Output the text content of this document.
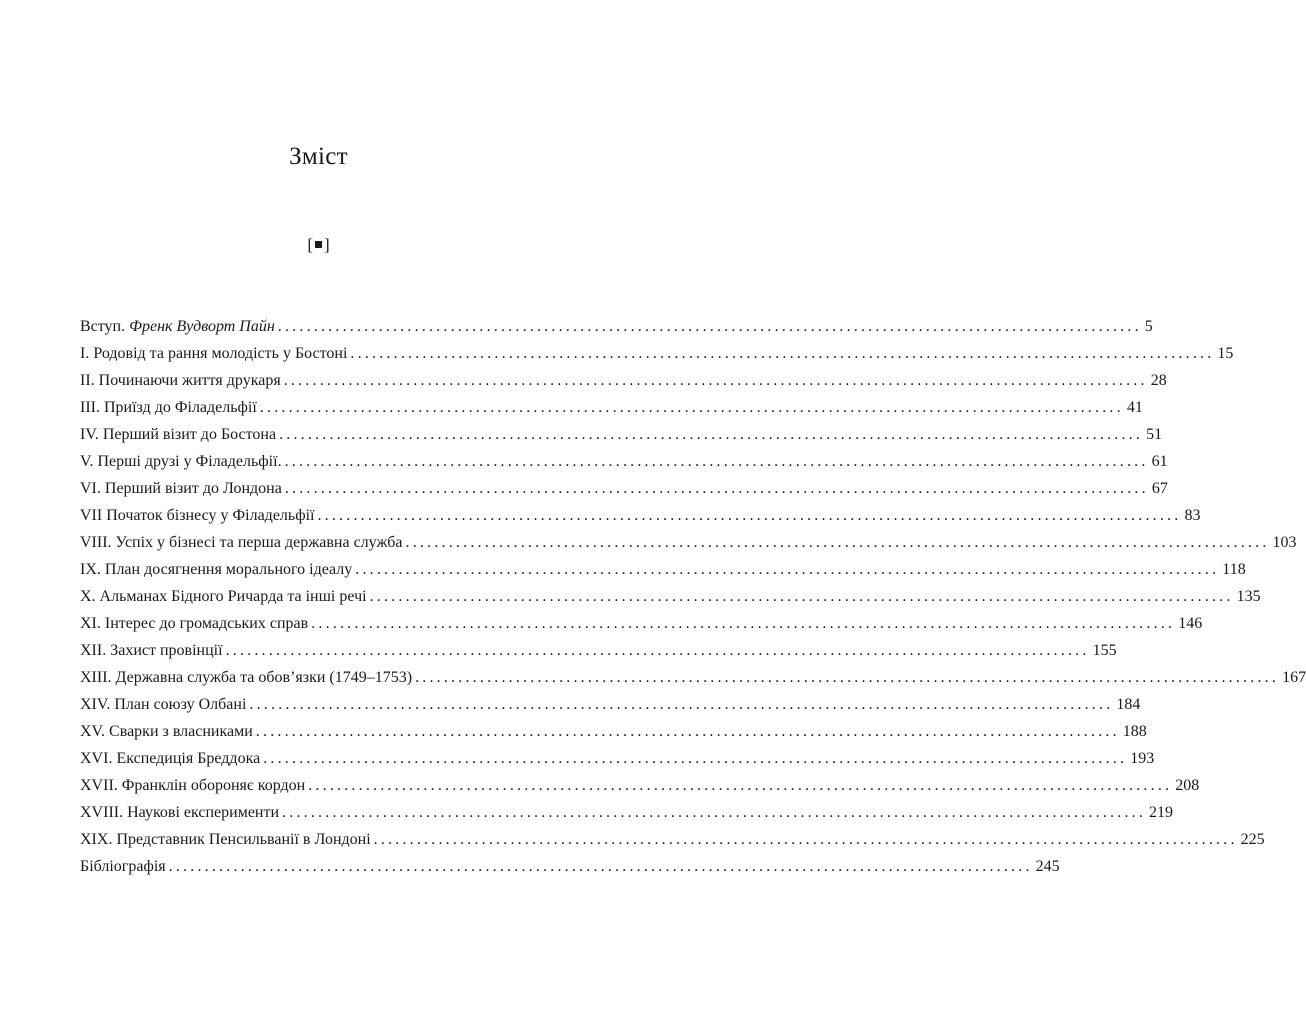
Зміст
[ ]
Вступ. Френк Вудворт Пайн ........................................................................................................................ 5
I. Родовід та рання молодість у Бостоні ........................................................................................................................ 15
II. Починаючи життя друкаря ........................................................................................................................ 28
III. Приїзд до Філадельфії ........................................................................................................................ 41
IV. Перший візит до Бостона ........................................................................................................................ 51
V. Перші друзі у Філадельфії. ........................................................................................................................ 61
VI. Перший візит до Лондона ........................................................................................................................ 67
VII Початок бізнесу у Філадельфії ........................................................................................................................ 83
VIII. Успіх у бізнесі та перша державна служба ........................................................................................................................ 103
IX. План досягнення морального ідеалу ........................................................................................................................ 118
X. Альманах Бідного Ричарда та інші речі ........................................................................................................................ 135
XI. Інтерес до громадських справ ........................................................................................................................ 146
XII. Захист провінції ........................................................................................................................ 155
XIII. Державна служба та обов’язки (1749–1753) ........................................................................................................................ 167
XIV. План союзу Олбані ........................................................................................................................ 184
XV. Сварки з власниками ........................................................................................................................ 188
XVI. Експедиція Бреддока ........................................................................................................................ 193
XVII. Франклін обороняє кордон ........................................................................................................................ 208
XVIII. Наукові експерименти ........................................................................................................................ 219
XIX. Представник Пенсильванії в Лондоні ........................................................................................................................ 225
Бібліографія ........................................................................................................................ 245
